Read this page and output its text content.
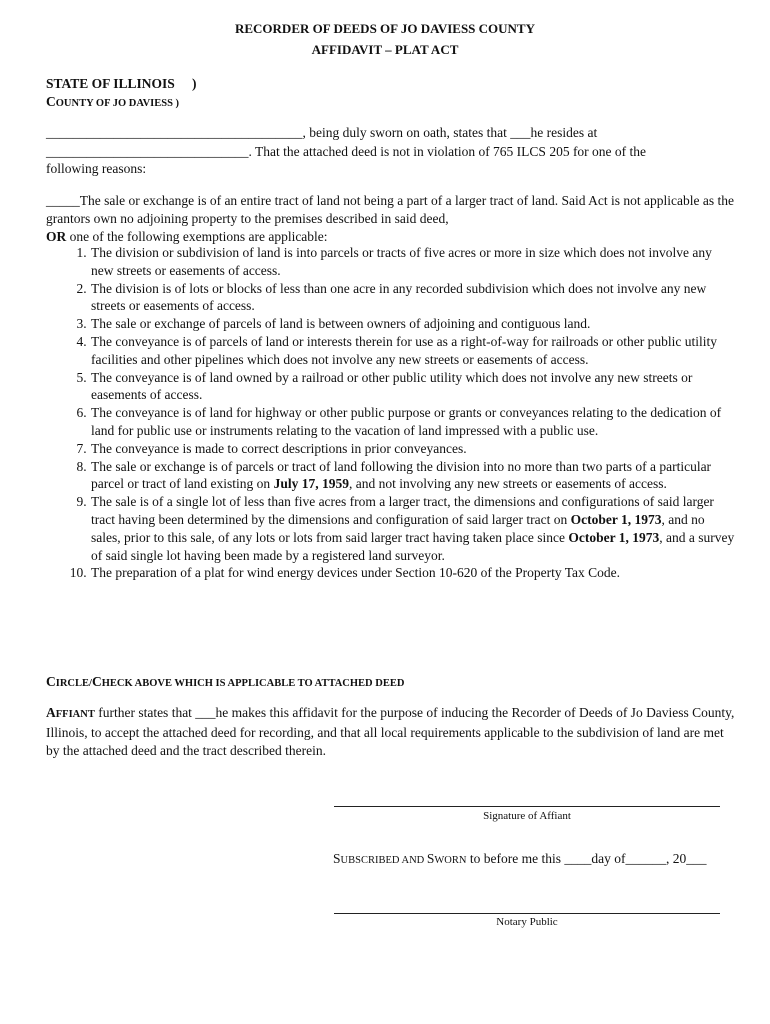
RECORDER OF DEEDS OF JO DAVIESS COUNTY
AFFIDAVIT – PLAT ACT
STATE OF ILLINOIS )
COUNTY OF JO DAVIESS )
______________________________________, being duly sworn on oath, states that ___he resides at
______________________________. That the attached deed is not in violation of 765 ILCS 205 for one of the
following reasons:
_____The sale or exchange is of an entire tract of land not being a part of a larger tract of land. Said Act is not applicable as the grantors own no adjoining property to the premises described in said deed,
OR one of the following exemptions are applicable:
1. The division or subdivision of land is into parcels or tracts of five acres or more in size which does not involve any new streets or easements of access.
2. The division is of lots or blocks of less than one acre in any recorded subdivision which does not involve any new streets or easements of access.
3. The sale or exchange of parcels of land is between owners of adjoining and contiguous land.
4. The conveyance is of parcels of land or interests therein for use as a right-of-way for railroads or other public utility facilities and other pipelines which does not involve any new streets or easements of access.
5. The conveyance is of land owned by a railroad or other public utility which does not involve any new streets or easements of access.
6. The conveyance is of land for highway or other public purpose or grants or conveyances relating to the dedication of land for public use or instruments relating to the vacation of land impressed with a public use.
7. The conveyance is made to correct descriptions in prior conveyances.
8. The sale or exchange is of parcels or tract of land following the division into no more than two parts of a particular parcel or tract of land existing on July 17, 1959, and not involving any new streets or easements of access.
9. The sale is of a single lot of less than five acres from a larger tract, the dimensions and configurations of said larger tract having been determined by the dimensions and configuration of said larger tract on October 1, 1973, and no sales, prior to this sale, of any lots or lots from said larger tract having taken place since October 1, 1973, and a survey of said single lot having been made by a registered land surveyor.
10. The preparation of a plat for wind energy devices under Section 10-620 of the Property Tax Code.
CIRCLE/CHECK ABOVE WHICH IS APPLICABLE TO ATTACHED DEED
AFFIANT further states that ___he makes this affidavit for the purpose of inducing the Recorder of Deeds of Jo Daviess County, Illinois, to accept the attached deed for recording, and that all local requirements applicable to the subdivision of land are met by the attached deed and the tract described therein.
Signature of Affiant
SUBSCRIBED AND SWORN to before me this ____day of______, 20___
Notary Public
